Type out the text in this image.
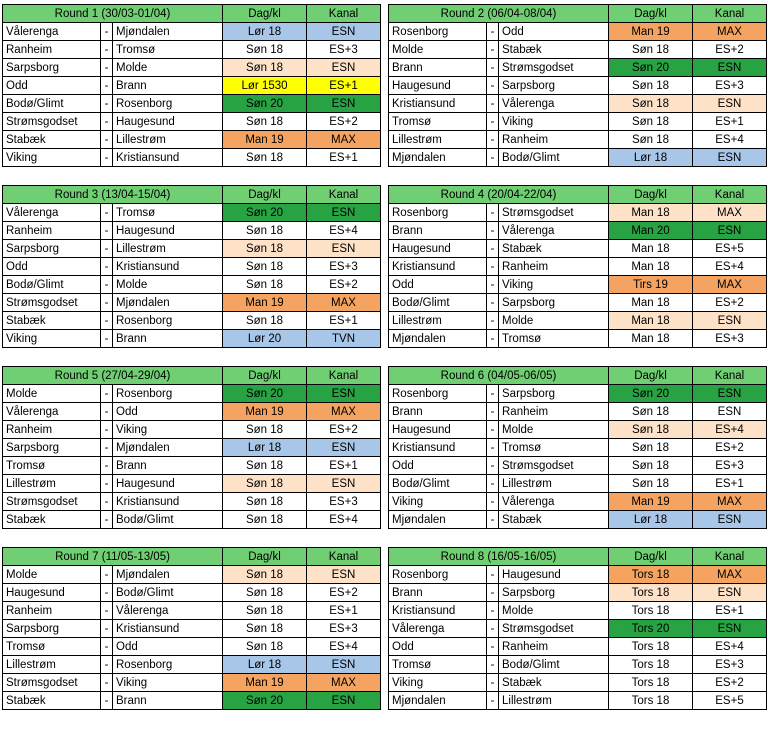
Round 1 (30/03-01/04)			Dag/kl	Kanal
Vålerenga	-	Mjøndalen	Lør 18	ESN
Ranheim	-	Tromsø	Søn 18	ES+3
Sarpsborg	-	Molde	Søn 18	ESN
Odd	-	Brann	Lør 1530	ES+1
Bodø/Glimt	-	Rosenborg	Søn 20	ESN
Strømsgodset	-	Haugesund	Søn 18	ES+2
Stabæk	-	Lillestrøm	Man 19	MAX
Viking	-	Kristiansund	Søn 18	ES+1
Round 2 (06/04-08/04)			Dag/kl	Kanal
Rosenborg	-	Odd	Man 19	MAX
Molde	-	Stabæk	Søn 18	ES+2
Brann	-	Strømsgodset	Søn 20	ESN
Haugesund	-	Sarpsborg	Søn 18	ES+3
Kristiansund	-	Vålerenga	Søn 18	ESN
Tromsø	-	Viking	Søn 18	ES+1
Lillestrøm	-	Ranheim	Søn 18	ES+4
Mjøndalen	-	Bodø/Glimt	Lør 18	ESN
Round 3 (13/04-15/04)			Dag/kl	Kanal
Vålerenga	-	Tromsø	Søn 20	ESN
Ranheim	-	Haugesund	Søn 18	ES+4
Sarpsborg	-	Lillestrøm	Søn 18	ESN
Odd	-	Kristiansund	Søn 18	ES+3
Bodø/Glimt	-	Molde	Søn 18	ES+2
Strømsgodset	-	Mjøndalen	Man 19	MAX
Stabæk	-	Rosenborg	Søn 18	ES+1
Viking	-	Brann	Lør 20	TVN
Round 4 (20/04-22/04)			Dag/kl	Kanal
Rosenborg	-	Strømsgodset	Man 18	MAX
Brann	-	Vålerenga	Man 20	ESN
Haugesund	-	Stabæk	Man 18	ES+5
Kristiansund	-	Ranheim	Man 18	ES+4
Odd	-	Viking	Tirs 19	MAX
Bodø/Glimt	-	Sarpsborg	Man 18	ES+2
Lillestrøm	-	Molde	Man 18	ESN
Mjøndalen	-	Tromsø	Man 18	ES+3
Round 5 (27/04-29/04)			Dag/kl	Kanal
Molde	-	Rosenborg	Søn 20	ESN
Vålerenga	-	Odd	Man 19	MAX
Ranheim	-	Viking	Søn 18	ES+2
Sarpsborg	-	Mjøndalen	Lør 18	ESN
Tromsø	-	Brann	Søn 18	ES+1
Lillestrøm	-	Haugesund	Søn 18	ESN
Strømsgodset	-	Kristiansund	Søn 18	ES+3
Stabæk	-	Bodø/Glimt	Søn 18	ES+4
Round 6 (04/05-06/05)			Dag/kl	Kanal
Rosenborg	-	Sarpsborg	Søn 20	ESN
Brann	-	Ranheim	Søn 18	ESN
Haugesund	-	Molde	Søn 18	ES+4
Kristiansund	-	Tromsø	Søn 18	ES+2
Odd	-	Strømsgodset	Søn 18	ES+3
Bodø/Glimt	-	Lillestrøm	Søn 18	ES+1
Viking	-	Vålerenga	Man 19	MAX
Mjøndalen	-	Stabæk	Lør 18	ESN
Round 7 (11/05-13/05)			Dag/kl	Kanal
Molde	-	Mjøndalen	Søn 18	ESN
Haugesund	-	Bodø/Glimt	Søn 18	ES+2
Ranheim	-	Vålerenga	Søn 18	ES+1
Sarpsborg	-	Kristiansund	Søn 18	ES+3
Tromsø	-	Odd	Søn 18	ES+4
Lillestrøm	-	Rosenborg	Lør 18	ESN
Strømsgodset	-	Viking	Man 19	MAX
Stabæk	-	Brann	Søn 20	ESN
Round 8 (16/05-16/05)			Dag/kl	Kanal
Rosenborg	-	Haugesund	Tors 18	MAX
Brann	-	Sarpsborg	Tors 18	ESN
Kristiansund	-	Molde	Tors 18	ES+1
Vålerenga	-	Strømsgodset	Tors 20	ESN
Odd	-	Ranheim	Tors 18	ES+4
Tromsø	-	Bodø/Glimt	Tors 18	ES+3
Viking	-	Stabæk	Tors 18	ES+2
Mjøndalen	-	Lillestrøm	Tors 18	ES+5
